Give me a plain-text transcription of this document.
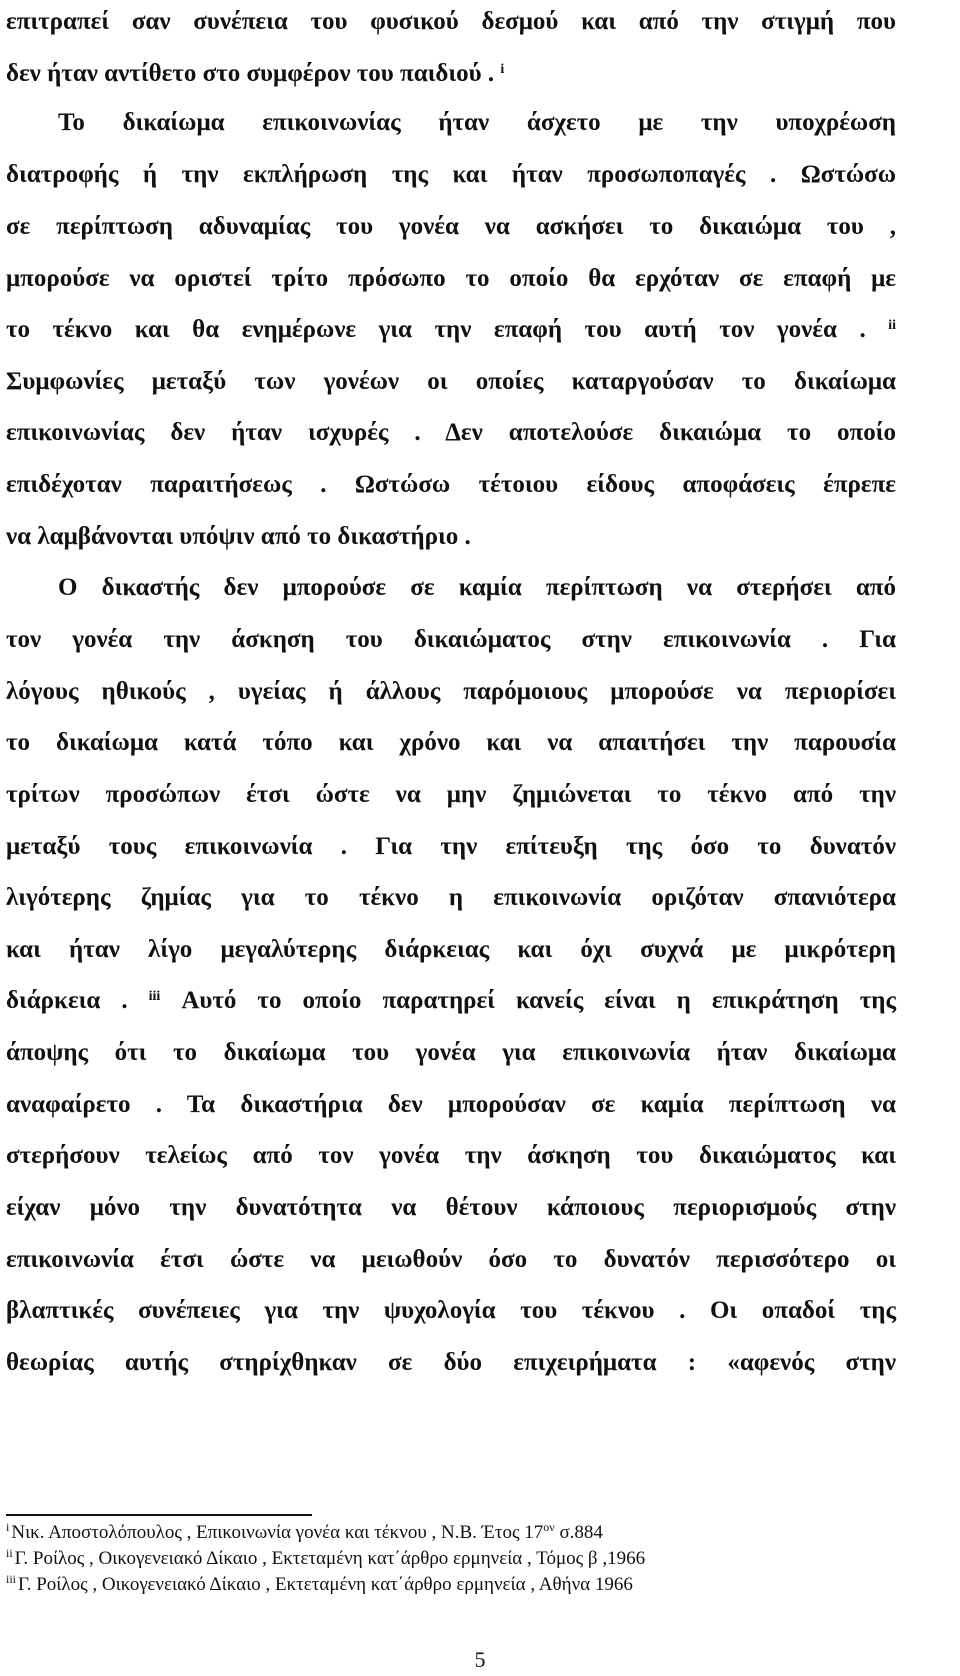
επιτραπεί σαν συνέπεια του φυσικού δεσμού και από την στιγμή που
δεν ήταν αντίθετο στο συμφέρον του παιδιού . $^i$
Το δικαίωμα επικοινωνίας ήταν άσχετο με την υποχρέωση
διατροφής ή την εκπλήρωση της και ήταν προσωποπαγές . Ωστώσω
σε περίπτωση αδυναμίας του γονέα να ασκήσει το δικαιώμα του ,
μπορούσε να οριστεί τρίτο πρόσωπο το οποίο θα ερχόταν σε επαφή με
το τέκνο και θα ενημέρωνε για την επαφή του αυτή τον γονέα . $^{ii}$
Συμφωνίες μεταξύ των γονέων οι οποίες καταργούσαν το δικαίωμα
επικοινωνίας δεν ήταν ισχυρές . Δεν αποτελούσε δικαιώμα το οποίο
επιδέχοταν παραιτήσεως . Ωστώσω τέτοιου είδους αποφάσεις έπρεπε
να λαμβάνονται υπόψιν από το δικαστήριο .
Ο δικαστής δεν μπορούσε σε καμία περίπτωση να στερήσει από
τον γονέα την άσκηση του δικαιώματος στην επικοινωνία . Για
λόγους ηθικούς , υγείας ή άλλους παρόμοιους μπορούσε να περιορίσει
το δικαίωμα κατά τόπο και χρόνο και να απαιτήσει την παρουσία
τρίτων προσώπων έτσι ώστε να μην ζημιώνεται το τέκνο από την
μεταξύ τους επικοινωνία . Για την επίτευξη της όσο το δυνατόν
λιγότερης ζημίας για το τέκνο η επικοινωνία οριζόταν σπανιότερα
και ήταν λίγο μεγαλύτερης διάρκειας και όχι συχνά με μικρότερη
διάρκεια . $^{iii}$ Αυτό το οποίο παρατηρεί κανείς είναι η επικράτηση της
άποψης ότι το δικαίωμα του γονέα για επικοινωνία ήταν δικαίωμα
αναφαίρετο . Τα δικαστήρια δεν μπορούσαν σε καμία περίπτωση να
στερήσουν τελείως από τον γονέα την άσκηση του δικαιώματος και
είχαν μόνο την δυνατότητα να θέτουν κάποιους περιορισμούς στην
επικοινωνία έτσι ώστε να μειωθούν όσο το δυνατόν περισσότερο οι
βλαπτικές συνέπειες για την ψυχολογία του τέκνου . Οι οπαδοί της
θεωρίας αυτής στηρίχθηκαν σε δύο επιχειρήματα : «αφενός στην
$^i$ Νικ. Αποστολόπουλος , Επικοινωνία γονέα και τέκνου , Ν.Β. Έτος $17^{o\nu}$ σ.884
$^{ii}$ Γ. Ροίλος , Οικογενειακό Δίκαιο , Εκτεταμένη κατ΄άρθρο ερμηνεία , Τόμος β ,1966
$^{iii}$ Γ. Ροίλος , Οικογενειακό Δίκαιο , Εκτεταμένη κατ΄άρθρο ερμηνεία , Αθήνα 1966
5
